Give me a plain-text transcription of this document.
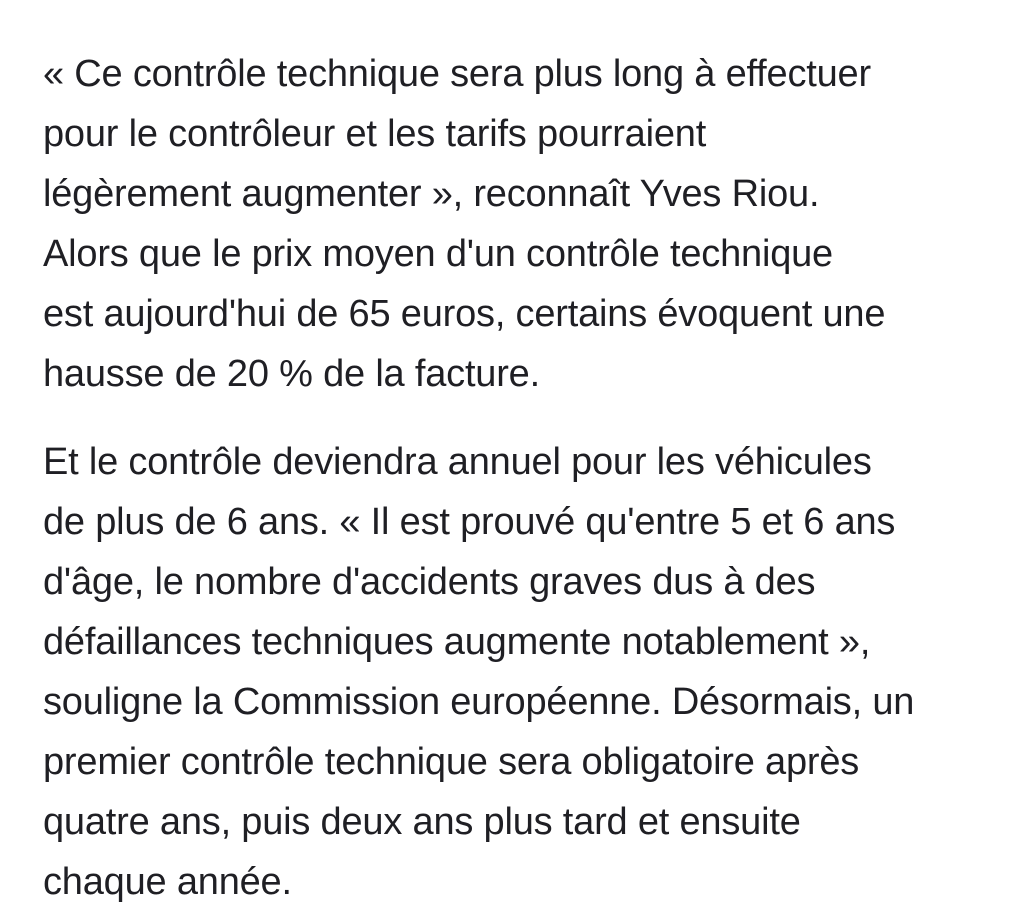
« Ce contrôle technique sera plus long à effectuer
pour le contrôleur et les tarifs pourraient
légèrement augmenter », reconnaît Yves Riou.
Alors que le prix moyen d'un contrôle technique
est aujourd'hui de 65 euros, certains évoquent une
hausse de 20 % de la facture.

Et le contrôle deviendra annuel pour les véhicules
de plus de 6 ans. « Il est prouvé qu'entre 5 et 6 ans
d'âge, le nombre d'accidents graves dus à des
défaillances techniques augmente notablement »,
souligne la Commission européenne. Désormais, un
premier contrôle technique sera obligatoire après
quatre ans, puis deux ans plus tard et ensuite
chaque année.
